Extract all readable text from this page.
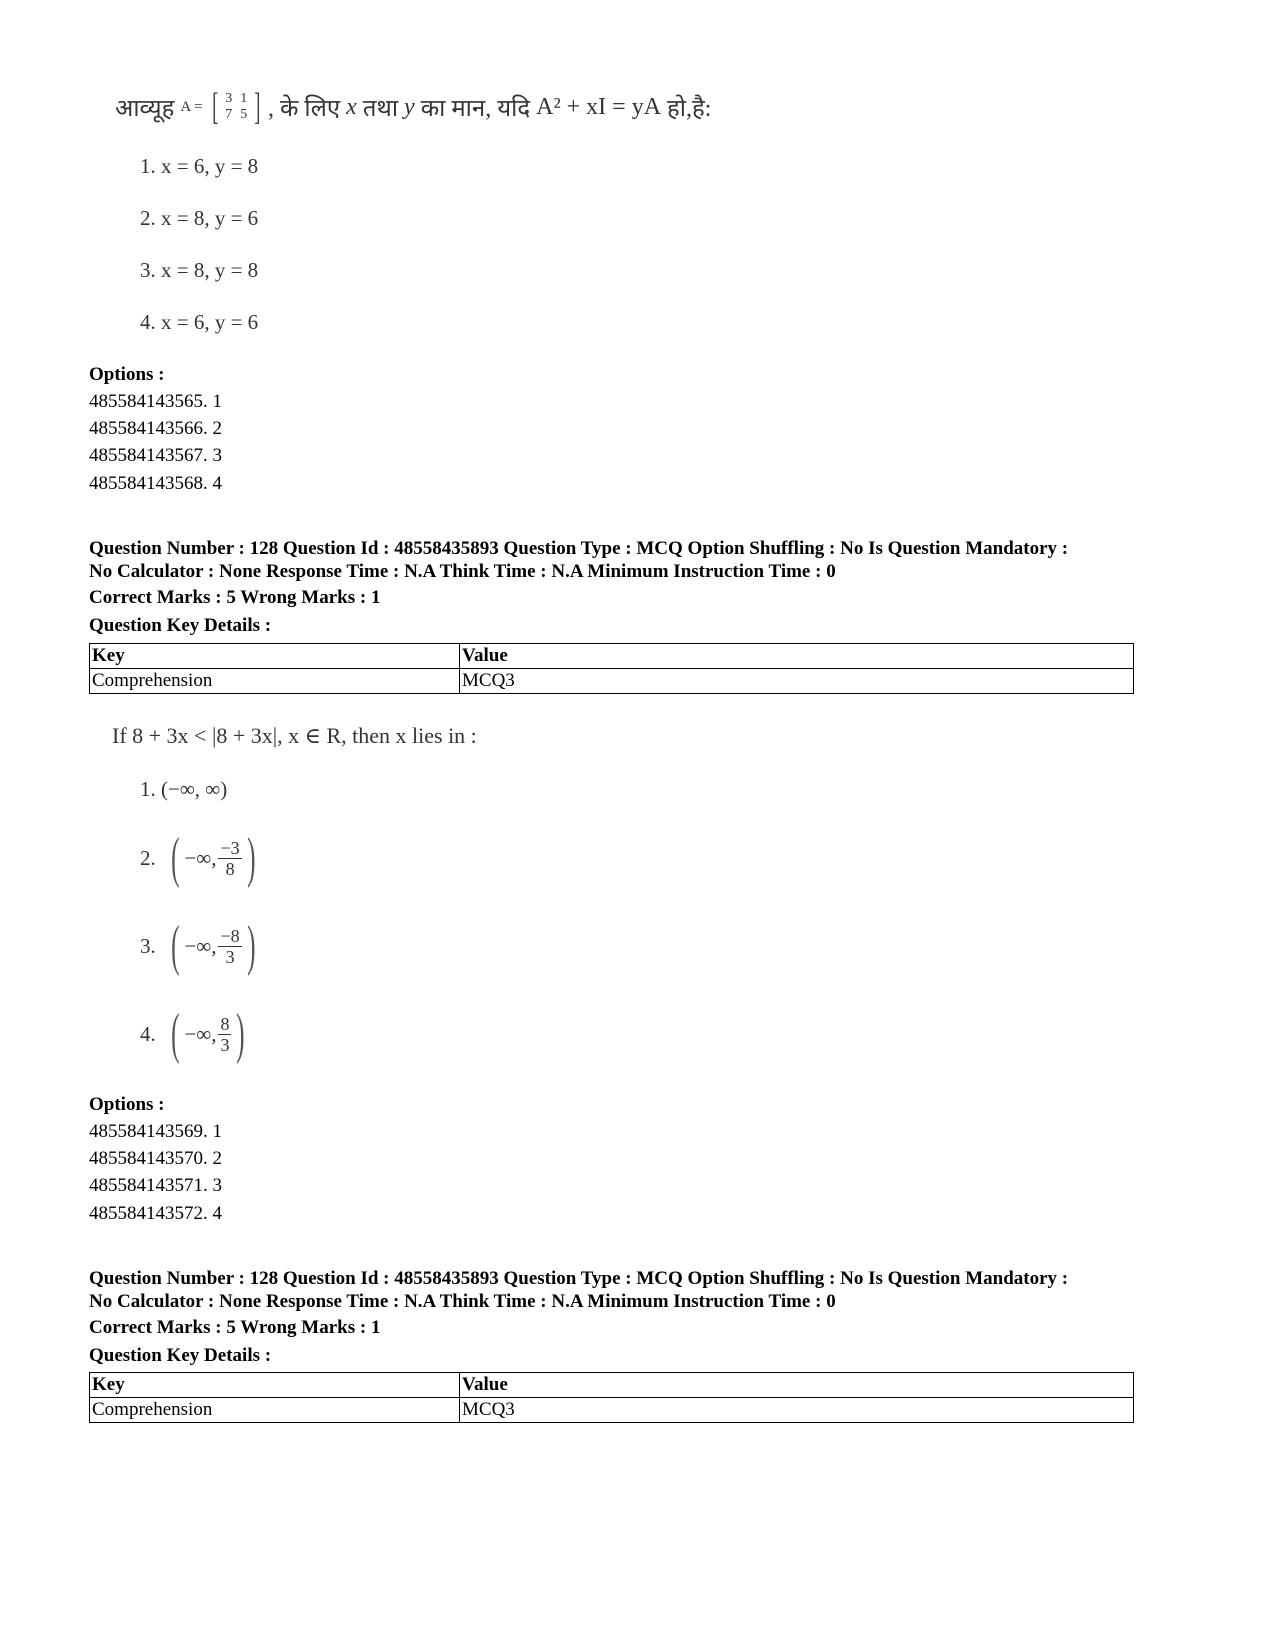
आव्यूह A = [ 3	1
7	5 ] , के लिए
x
तथा
y
का मान, यदि
A² + xI = yA
हो,है:
1. x = 6, y = 8
2. x = 8, y = 6
3. x = 8, y = 8
4. x = 6, y = 6
Options :
485584143565. 1
485584143566. 2
485584143567. 3
485584143568. 4
Question Number : 128 Question Id : 48558435893 Question Type : MCQ Option Shuffling : No Is Question Mandatory :
No Calculator : None Response Time : N.A Think Time : N.A Minimum Instruction Time : 0
Correct Marks : 5 Wrong Marks : 1
Question Key Details :
Key	Value
Comprehension	MCQ3
If 8 + 3x < |8 + 3x|, x ∈ R, then x lies in :
1. (−∞, ∞)
2. ( −∞, $\frac{-3}{8}$ )
3. ( −∞, $\frac{-8}{3}$ )
4. ( −∞, $\frac{8}{3}$ )
Options :
485584143569. 1
485584143570. 2
485584143571. 3
485584143572. 4
Question Number : 128 Question Id : 48558435893 Question Type : MCQ Option Shuffling : No Is Question Mandatory :
No Calculator : None Response Time : N.A Think Time : N.A Minimum Instruction Time : 0
Correct Marks : 5 Wrong Marks : 1
Question Key Details :
Key	Value
Comprehension	MCQ3
